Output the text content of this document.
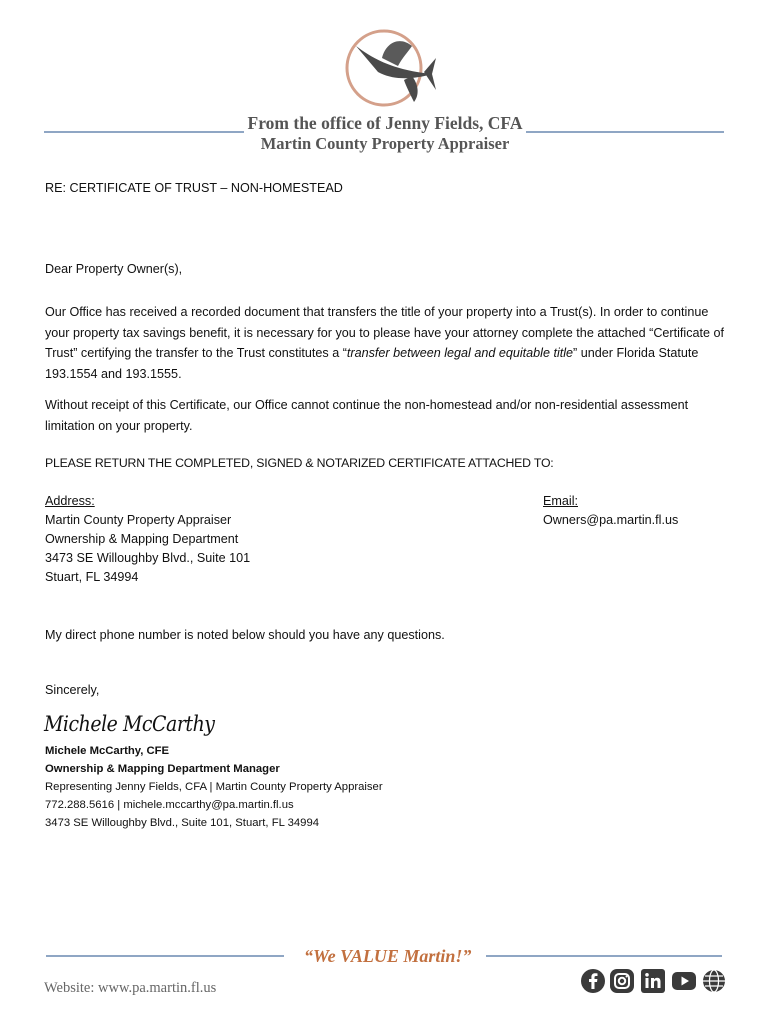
From the office of Jenny Fields, CFA
Martin County Property Appraiser
RE: CERTIFICATE OF TRUST – NON-HOMESTEAD
Dear Property Owner(s),
Our Office has received a recorded document that transfers the title of your property into a Trust(s). In order to continue your property tax savings benefit, it is necessary for you to please have your attorney complete the attached “Certificate of Trust” certifying the transfer to the Trust constitutes a “transfer between legal and equitable title” under Florida Statute 193.1554 and 193.1555.
Without receipt of this Certificate, our Office cannot continue the non-homestead and/or non-residential assessment limitation on your property.
PLEASE RETURN THE COMPLETED, SIGNED & NOTARIZED CERTIFICATE ATTACHED TO:
Address:
Martin County Property Appraiser
Ownership & Mapping Department
3473 SE Willoughby Blvd., Suite 101
Stuart, FL 34994
Email:
Owners@pa.martin.fl.us
My direct phone number is noted below should you have any questions.
Sincerely,
Michele McCarthy
Michele McCarthy, CFE
Ownership & Mapping Department Manager
Representing Jenny Fields, CFA | Martin County Property Appraiser
772.288.5616 | michele.mccarthy@pa.martin.fl.us
3473 SE Willoughby Blvd., Suite 101, Stuart, FL 34994
“We VALUE Martin!”
Website: www.pa.martin.fl.us
